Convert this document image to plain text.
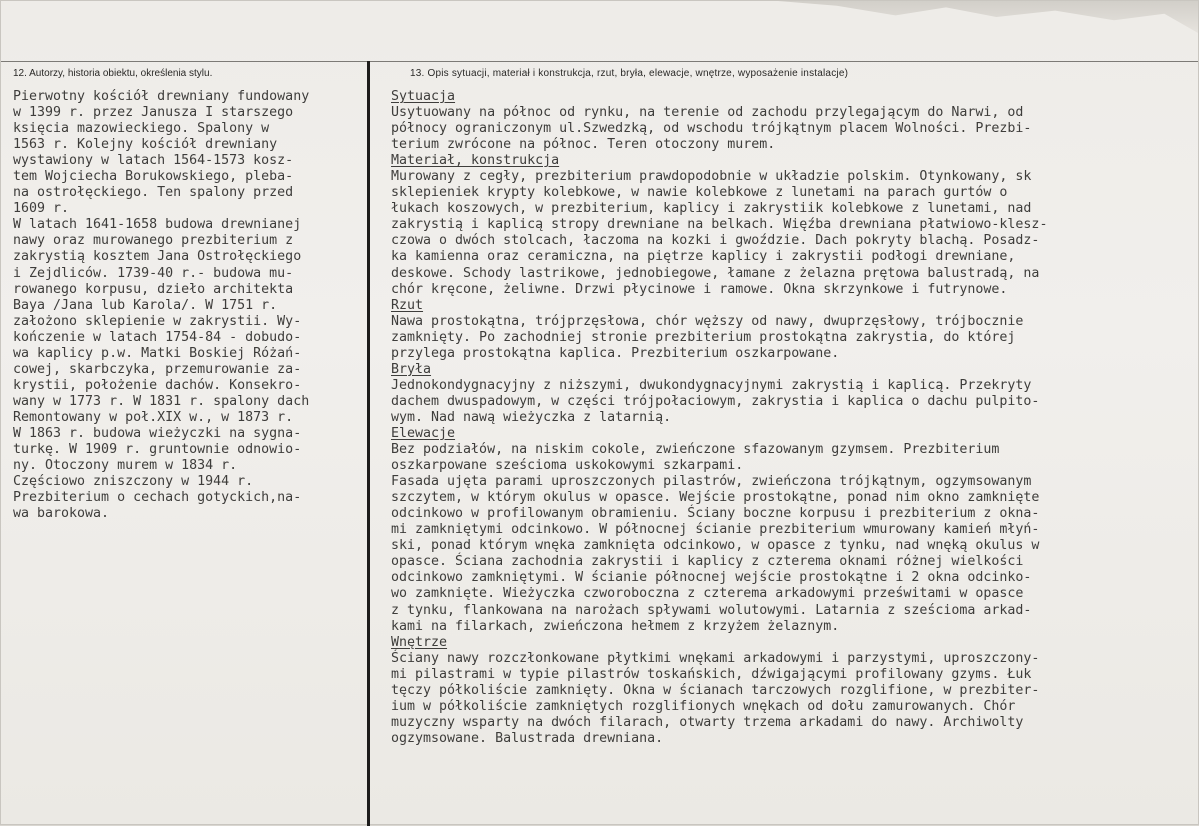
12. Autorzy, historia obiektu, określenia stylu.	13. Opis sytuacji, materiał i konstrukcja, rzut, bryła, elewacje, wnętrze, wyposażenie instalacje)
Pierwotny kościół drewniany fundowany
w 1399 r. przez Janusza I starszego
księcia mazowieckiego. Spalony w
1563 r. Kolejny kościół drewniany
wystawiony w latach 1564-1573 kosz-
tem Wojciecha Borukowskiego, pleba-
na ostrołęckiego. Ten spalony przed
1609 r.
W latach 1641-1658 budowa drewnianej
nawy oraz murowanego prezbiterium z
zakrystią kosztem Jana Ostrołęckiego
i Zejdliców. 1739-40 r.- budowa mu-
rowanego korpusu, dzieło architekta
Baya /Jana lub Karola/. W 1751 r.
założono sklepienie w zakrystii. Wy-
kończenie w latach 1754-84 - dobudo-
wa kaplicy p.w. Matki Boskiej Różań-
cowej, skarbczyka, przemurowanie za-
krystii, położenie dachów. Konsekro-
wany w 1773 r. W 1831 r. spalony dach
Remontowany w poł.XIX w., w 1873 r.
W 1863 r. budowa wieżyczki na sygna-
turkę. W 1909 r. gruntownie odnowio-
ny. Otoczony murem w 1834 r.
Częściowo zniszczony w 1944 r.
Prezbiterium o cechach gotyckich,na-
wa barokowa.
Sytuacja
Usytuowany na północ od rynku, na terenie od zachodu przylegającym do Narwi, od
północy ograniczonym ul.Szwedzką, od wschodu trójkątnym placem Wolności. Prezbi-
terium zwrócone na północ. Teren otoczony murem.
Materiał, konstrukcja
Murowany z cegły, prezbiterium prawdopodobnie w układzie polskim. Otynkowany, sk
sklepieniek krypty kolebkowe, w nawie kolebkowe z lunetami na parach gurtów o
łukach koszowych, w prezbiterium, kaplicy i zakrystiik kolebkowe z lunetami, nad
zakrystią i kaplicą stropy drewniane na belkach. Więźba drewniana płatwiowo-klesz-
czowa o dwóch stolcach, łaczoma na kozki i gwoździe. Dach pokryty blachą. Posadz-
ka kamienna oraz ceramiczna, na piętrze kaplicy i zakrystii podłogi drewniane,
deskowe. Schody lastrikowe, jednobiegowe, łamane z żelazna prętowa balustradą, na
chór kręcone, żeliwne. Drzwi płycinowe i ramowe. Okna skrzynkowe i futrynowe.
Rzut
Nawa prostokątna, trójprzęsłowa, chór węższy od nawy, dwuprzęsłowy, trójbocznie
zamknięty. Po zachodniej stronie prezbiterium prostokątna zakrystia, do której
przylega prostokątna kaplica. Prezbiterium oszkarpowane.
Bryła
Jednokondygnacyjny z niższymi, dwukondygnacyjnymi zakrystią i kaplicą. Przekryty
dachem dwuspadowym, w części trójpołaciowym, zakrystia i kaplica o dachu pulpito-
wym. Nad nawą wieżyczka z latarnią.
Elewacje
Bez podziałów, na niskim cokole, zwieńczone sfazowanym gzymsem. Prezbiterium
oszkarpowane sześcioma uskokowymi szkarpami.
Fasada ujęta parami uproszczonych pilastrów, zwieńczona trójkątnym, ogzymsowanym
szczytem, w którym okulus w opasce. Wejście prostokątne, ponad nim okno zamknięte
odcinkowo w profilowanym obramieniu. Ściany boczne korpusu i prezbiterium z okna-
mi zamkniętymi odcinkowo. W północnej ścianie prezbiterium wmurowany kamień młyń-
ski, ponad którym wnęka zamknięta odcinkowo, w opasce z tynku, nad wnęką okulus w
opasce. Ściana zachodnia zakrystii i kaplicy z czterema oknami różnej wielkości
odcinkowo zamkniętymi. W ścianie północnej wejście prostokątne i 2 okna odcinko-
wo zamknięte. Wieżyczka czworoboczna z czterema arkadowymi prześwitami w opasce
z tynku, flankowana na narożach spływami wolutowymi. Latarnia z sześcioma arkad-
kami na filarkach, zwieńczona hełmem z krzyżem żelaznym.
Wnętrze
Ściany nawy rozczłonkowane płytkimi wnękami arkadowymi i parzystymi, uproszczony-
mi pilastrami w typie pilastrów toskańskich, dźwigającymi profilowany gzyms. Łuk
tęczy półkoliście zamknięty. Okna w ścianach tarczowych rozglifione, w prezbiter-
ium w półkoliście zamkniętych rozglifionych wnękach od dołu zamurowanych. Chór
muzyczny wsparty na dwóch filarach, otwarty trzema arkadami do nawy. Archiwolty
ogzymsowane. Balustrada drewniana.
